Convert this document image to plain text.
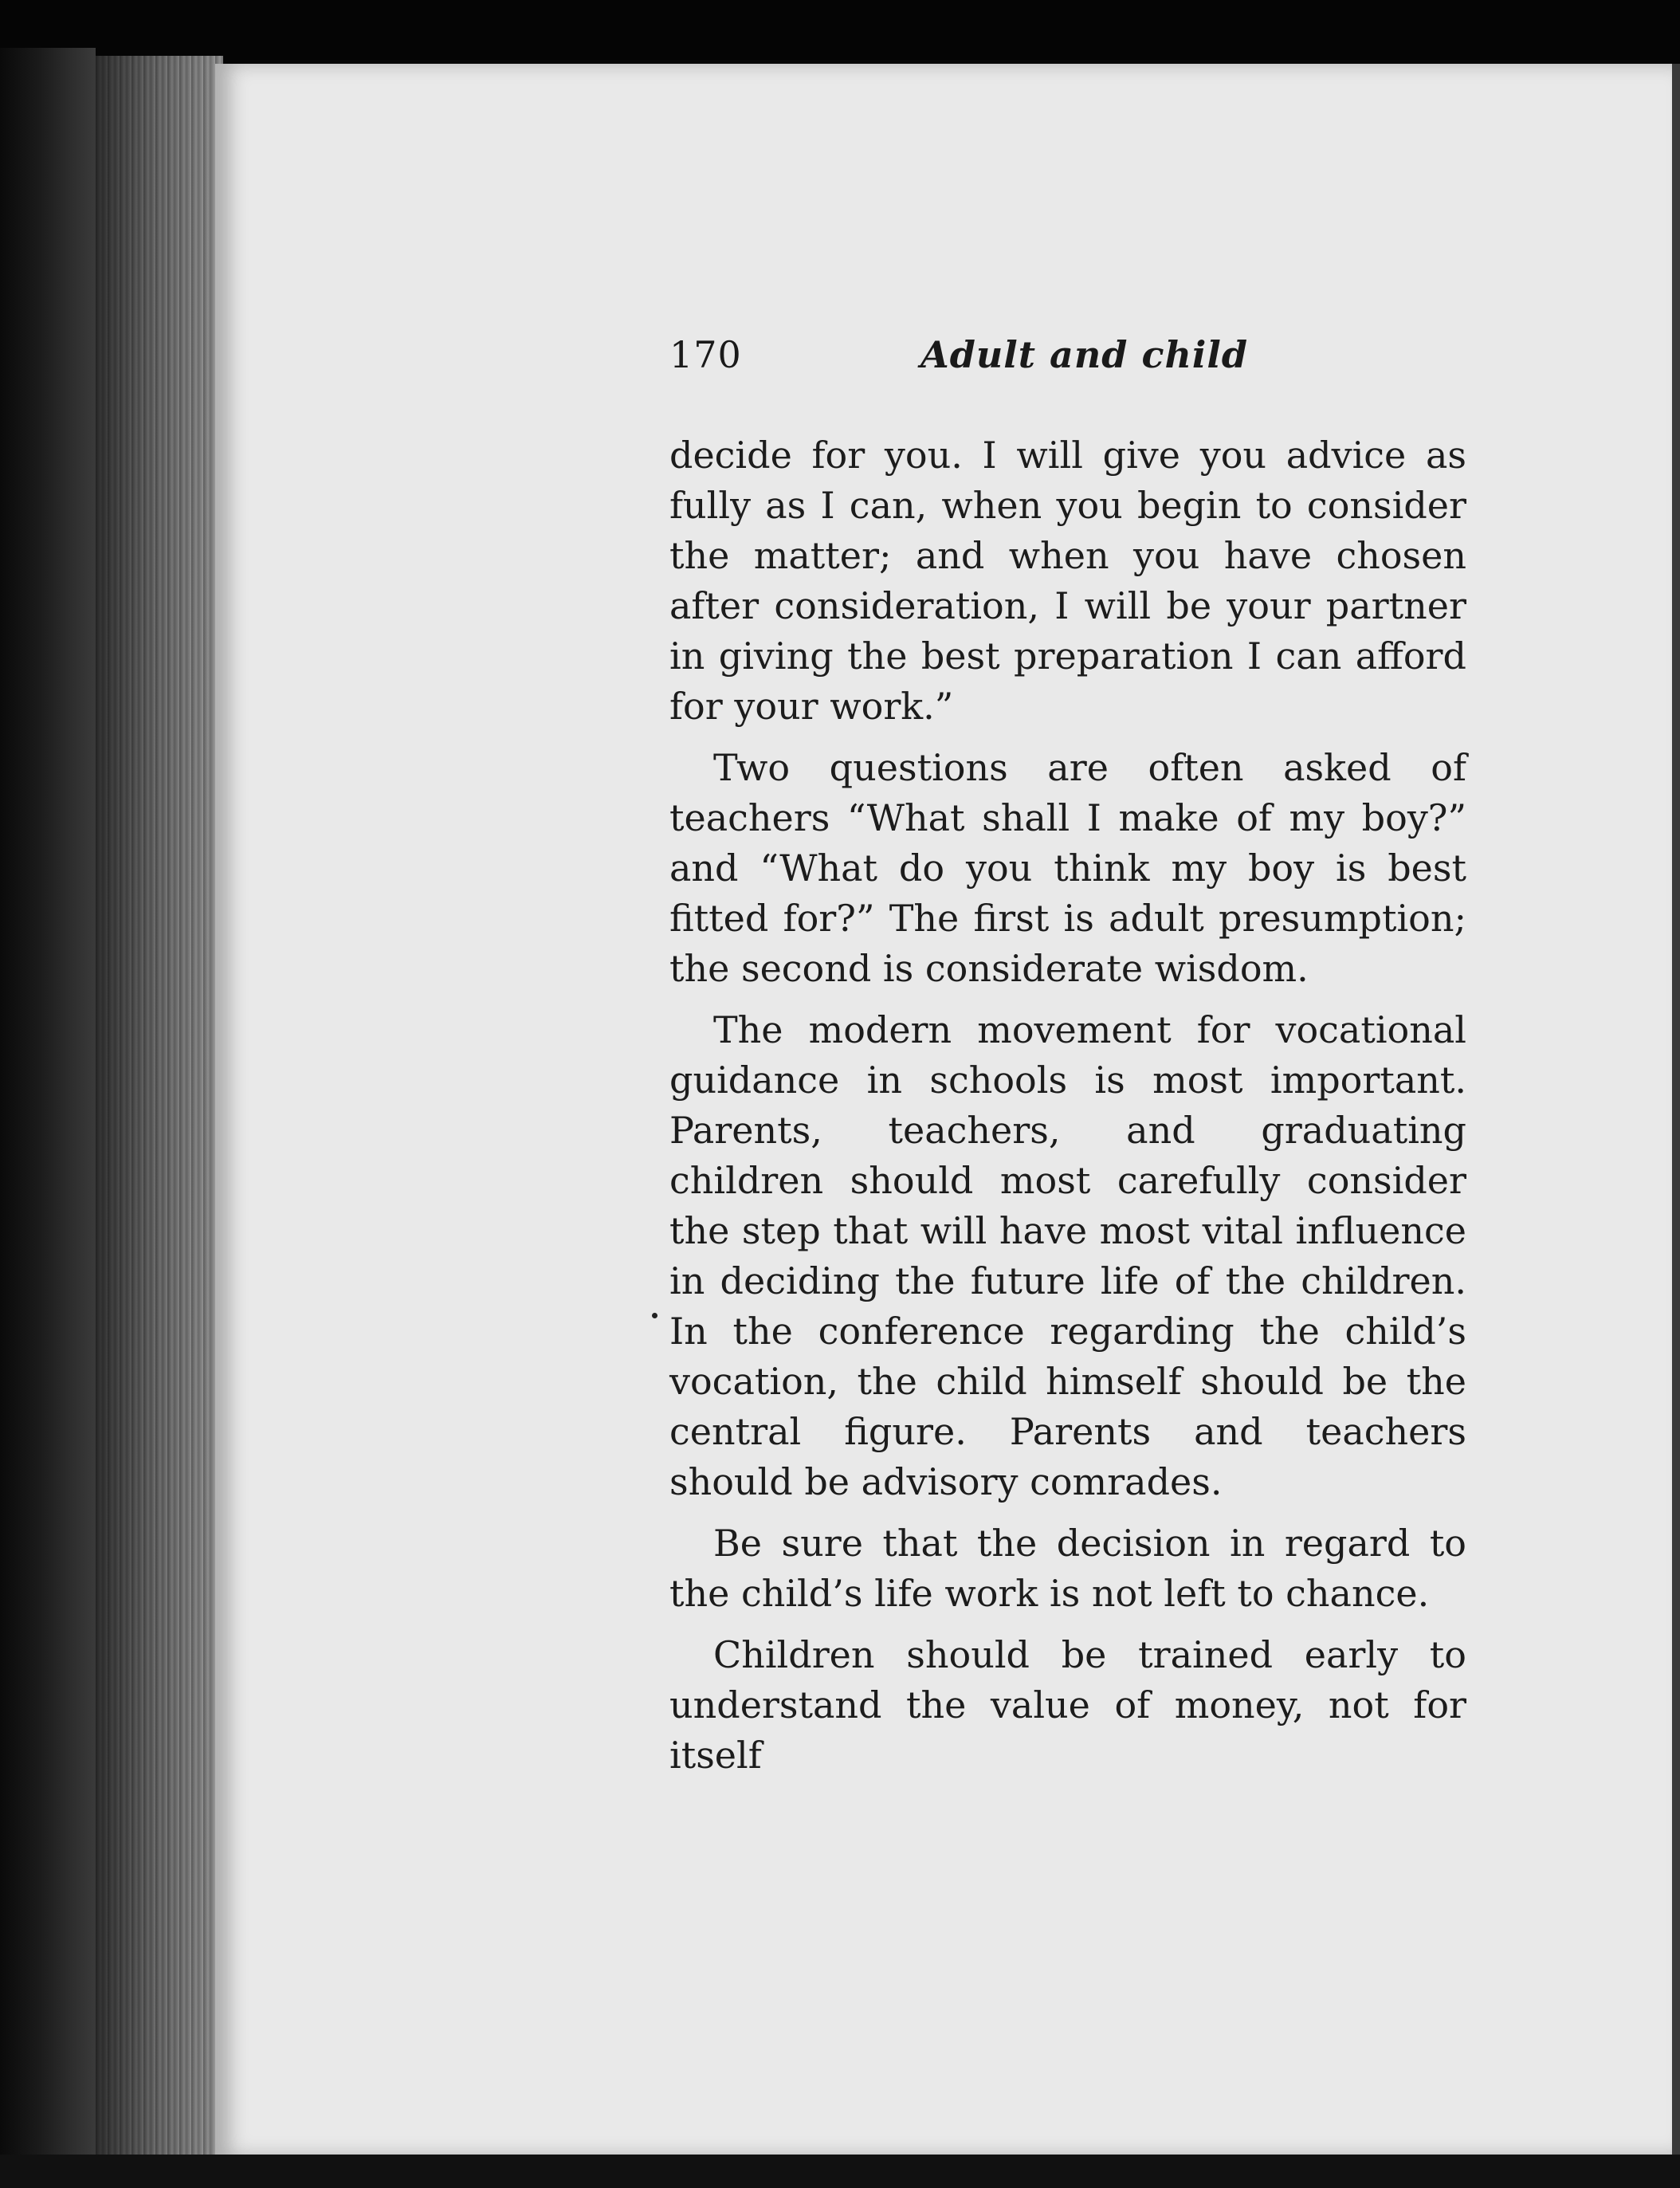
170	Adult and child

decide for you. I will give you advice as fully as I can, when you begin to consider the matter; and when you have chosen after consideration, I will be your partner in giving the best preparation I can afford for your work.”

Two questions are often asked of teachers “What shall I make of my boy?” and “What do you think my boy is best fitted for?” The first is adult presumption; the second is considerate wisdom.

The modern movement for vocational guidance in schools is most important. Parents, teachers, and graduating children should most carefully consider the step that will have most vital influence in deciding the future life of the children. In the conference regarding the child’s vocation, the child himself should be the central figure. Parents and teachers should be advisory comrades.

Be sure that the decision in regard to the child’s life work is not left to chance.

Children should be trained early to understand the value of money, not for itself
